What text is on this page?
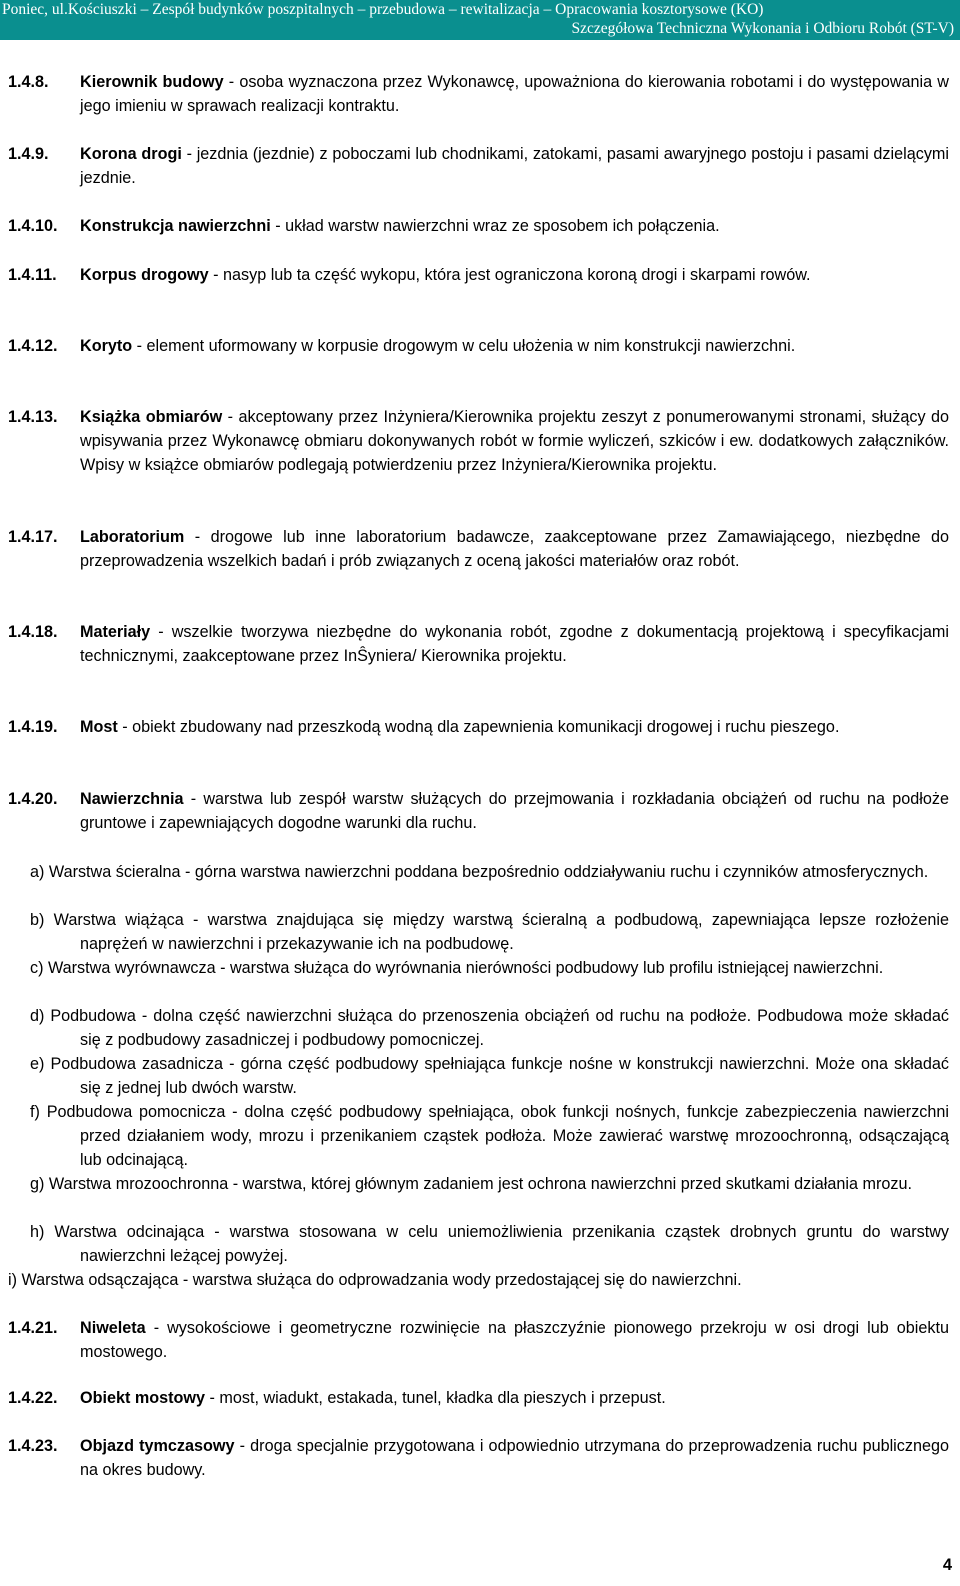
Poniec, ul.Kościuszki – Zespół budynków poszpitalnych – przebudowa – rewitalizacja – Opracowania kosztorysowe (KO)
Szczegółowa Techniczna Wykonania i Odbioru Robót (ST-V)
1.4.8.	Kierownik budowy - osoba wyznaczona przez Wykonawcę, upoważniona do kierowania robotami i do występowania w jego imieniu w sprawach realizacji kontraktu.
1.4.9.	Korona drogi - jezdnia (jezdnie) z poboczami lub chodnikami, zatokami, pasami awaryjnego postoju i pasami dzielącymi jezdnie.
1.4.10.	Konstrukcja nawierzchni - układ warstw nawierzchni wraz ze sposobem ich połączenia.
1.4.11.	Korpus drogowy - nasyp lub ta część wykopu, która jest ograniczona koroną drogi i skarpami rowów.
1.4.12.	Koryto - element uformowany w korpusie drogowym w celu ułożenia w nim konstrukcji nawierzchni.
1.4.13.	Książka obmiarów - akceptowany przez Inżyniera/Kierownika projektu zeszyt z ponumerowanymi stronami, służący do wpisywania przez Wykonawcę obmiaru dokonywanych robót w formie wyliczeń, szkiców i ew. dodatkowych załączników. Wpisy w książce obmiarów podlegają potwierdzeniu przez Inżyniera/Kierownika projektu.
1.4.17.	Laboratorium - drogowe lub inne laboratorium badawcze, zaakceptowane przez Zamawiającego, niezbędne do przeprowadzenia wszelkich badań i prób związanych z oceną jakości materiałów oraz robót.
1.4.18.	Materiały - wszelkie tworzywa niezbędne do wykonania robót, zgodne z dokumentacją projektową i specyfikacjami technicznymi, zaakceptowane przez InŜyniera/ Kierownika projektu.
1.4.19.	Most - obiekt zbudowany nad przeszkodą wodną dla zapewnienia komunikacji drogowej i ruchu pieszego.
1.4.20.	Nawierzchnia - warstwa lub zespół warstw służących do przejmowania i rozkładania obciążeń od ruchu na podłoże gruntowe i zapewniających dogodne warunki dla ruchu.
a) Warstwa ścieralna - górna warstwa nawierzchni poddana bezpośrednio oddziaływaniu ruchu i czynników atmosferycznych.
b) Warstwa wiążąca - warstwa znajdująca się między warstwą ścieralną a podbudową, zapewniająca lepsze rozłożenie naprężeń w nawierzchni i przekazywanie ich na podbudowę.
c) Warstwa wyrównawcza - warstwa służąca do wyrównania nierówności podbudowy lub profilu istniejącej nawierzchni.
d) Podbudowa - dolna część nawierzchni służąca do przenoszenia obciążeń od ruchu na podłoże. Podbudowa może składać się z podbudowy zasadniczej i podbudowy pomocniczej.
e) Podbudowa zasadnicza - górna część podbudowy spełniająca funkcje nośne w konstrukcji nawierzchni. Może ona składać się z jednej lub dwóch warstw.
f) Podbudowa pomocnicza - dolna część podbudowy spełniająca, obok funkcji nośnych, funkcje zabezpieczenia nawierzchni przed działaniem wody, mrozu i przenikaniem cząstek podłoża. Może zawierać warstwę mrozoochronną, odsączającą lub odcinającą.
g) Warstwa mrozoochronna - warstwa, której głównym zadaniem jest ochrona nawierzchni przed skutkami działania mrozu.
h) Warstwa odcinająca - warstwa stosowana w celu uniemożliwienia przenikania cząstek drobnych gruntu do warstwy nawierzchni leżącej powyżej.
i) Warstwa odsączająca - warstwa służąca do odprowadzania wody przedostającej się do nawierzchni.
1.4.21.	Niweleta - wysokościowe i geometryczne rozwinięcie na płaszczyźnie pionowego przekroju w osi drogi lub obiektu mostowego.
1.4.22.	Obiekt mostowy - most, wiadukt, estakada, tunel, kładka dla pieszych i przepust.
1.4.23.	Objazd tymczasowy - droga specjalnie przygotowana i odpowiednio utrzymana do przeprowadzenia ruchu publicznego na okres budowy.
4
